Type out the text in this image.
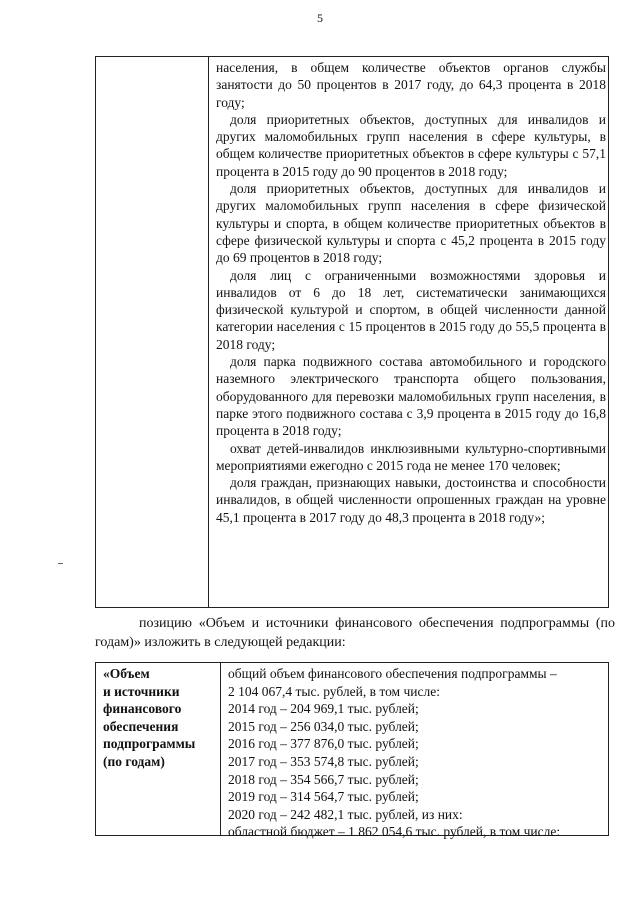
5
населения, в общем количестве объектов органов службы занятости до 50 процентов в 2017 году, до 64,3 процента в 2018 году;
доля приоритетных объектов, доступных для инвалидов и других маломобильных групп населения в сфере культуры, в общем количестве приоритетных объектов в сфере культуры с 57,1 процента в 2015 году до 90 процентов в 2018 году;
доля приоритетных объектов, доступных для инвалидов и других маломобильных групп населения в сфере физической культуры и спорта, в общем количестве приоритетных объектов в сфере физической культуры и спорта с 45,2 процента в 2015 году до 69 процентов в 2018 году;
доля лиц с ограниченными возможностями здоровья и инвалидов от 6 до 18 лет, систематически занимающихся физической культурой и спортом, в общей численности данной категории населения с 15 процентов в 2015 году до 55,5 процента в 2018 году;
доля парка подвижного состава автомобильного и городского наземного электрического транспорта общего пользования, оборудованного для перевозки маломобильных групп населения, в парке этого подвижного состава с 3,9 процента в 2015 году до 16,8 процента в 2018 году;
охват детей-инвалидов инклюзивными культурно-спортивными мероприятиями ежегодно с 2015 года не менее 170 человек;
доля граждан, признающих навыки, достоинства и способности инвалидов, в общей численности опрошенных граждан на уровне 45,1 процента в 2017 году до 48,3 процента в 2018 году»;
позицию «Объем и источники финансового обеспечения подпрограммы (по годам)» изложить в следующей редакции:
«Объем
и источники
финансового
обеспечения
подпрограммы
(по годам)
общий объем финансового обеспечения подпрограммы –
2 104 067,4 тыс. рублей, в том числе:
2014 год – 204 969,1 тыс. рублей;
2015 год – 256 034,0 тыс. рублей;
2016 год – 377 876,0 тыс. рублей;
2017 год – 353 574,8 тыс. рублей;
2018 год – 354 566,7 тыс. рублей;
2019 год – 314 564,7 тыс. рублей;
2020 год – 242 482,1 тыс. рублей, из них:
областной бюджет – 1 862 054,6 тыс. рублей, в том числе:
